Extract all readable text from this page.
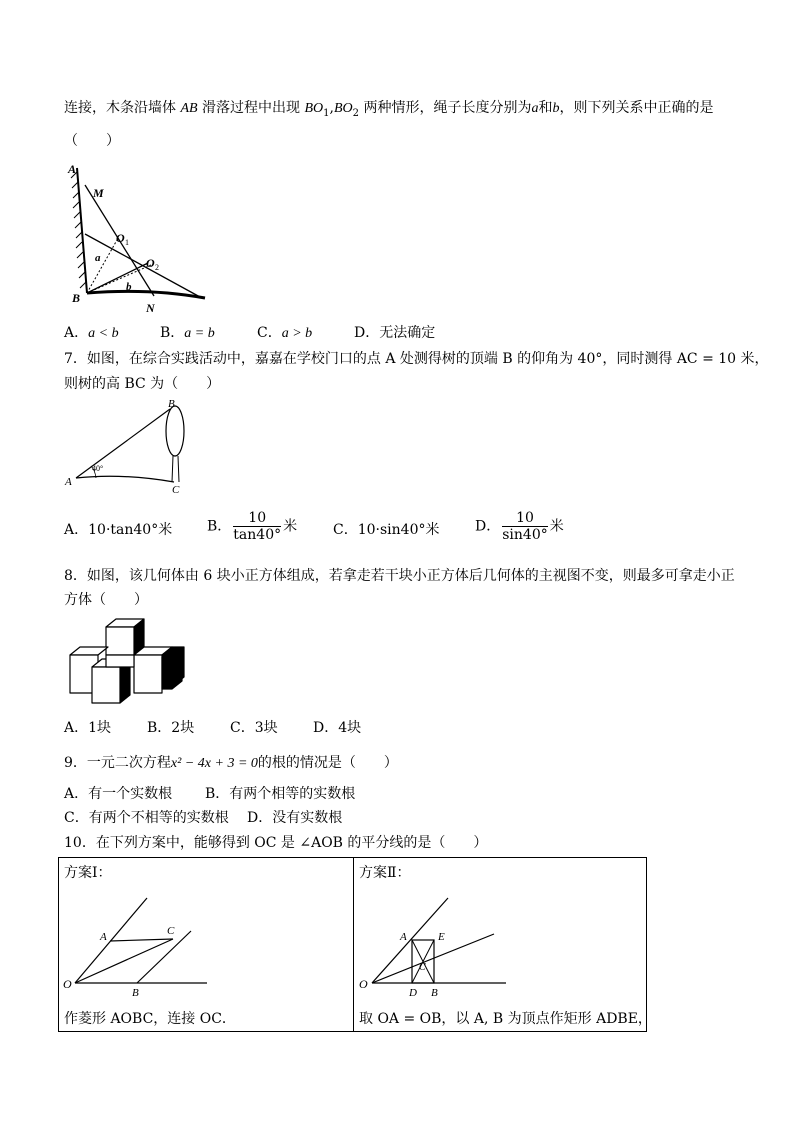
连接，木条沿墙体 AB 滑落过程中出现 $BO_1,BO_2$ 两种情形，绳子长度分别为a和b，则下列关系中正确的是
（　　）
A
M
O 1
O 2
a
b
B
N
A．a < b	B．a = b	C．a > b	D．无法确定
7．如图，在综合实践活动中，嘉嘉在学校门口的点 A 处测得树的顶端 B 的仰角为 40°，同时测得 AC = 10 米，
则树的高 BC 为（　　）
40°
A
B
C
A．10·tan40°米 B． $\frac{10}{\tan 40^\circ}$ 米	C．10·sin40°米	D． $\frac{10}{\sin 40^\circ}$ 米
8．如图，该几何体由 6 块小正方体组成，若拿走若干块小正方体后几何体的主视图不变，则最多可拿走小正
方体（　　）
A．1块	B．2块	C．3块	D．4块
9．一元二次方程x² − 4x + 3 = 0的根的情况是（　　）
A．有一个实数根 B．有两个相等的实数根
C．有两个不相等的实数根 D．没有实数根
10．在下列方案中，能够得到 OC 是 ∠AOB 的平分线的是（　　）
方案Ⅰ：
O
A
B
C
作菱形 AOBC，连接 OC．
方案Ⅱ：
O
A	E
C
D B
取 OA = OB，以 A, B 为顶点作矩形 ADBE，
